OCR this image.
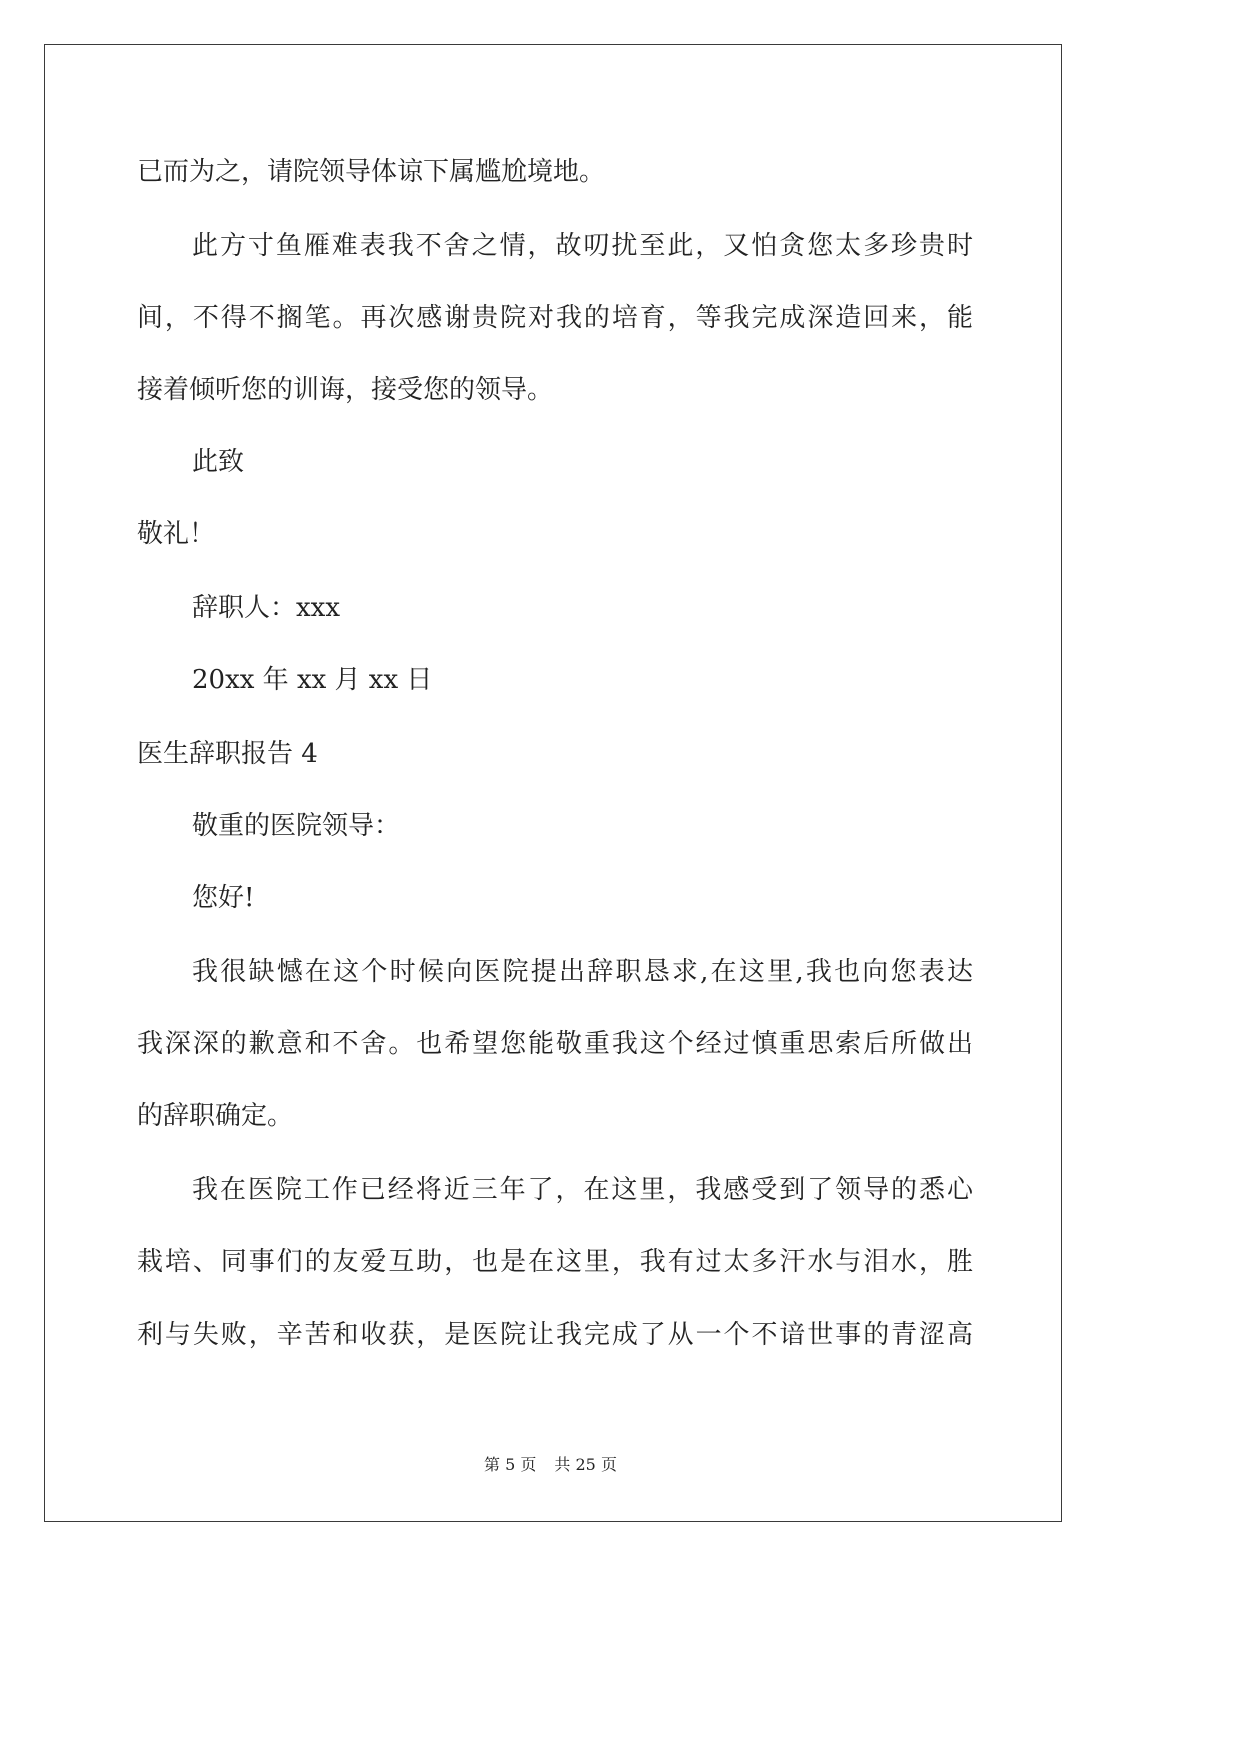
已而为之，请院领导体谅下属尴尬境地。

此方寸鱼雁难表我不舍之情，故叨扰至此，又怕贪您太多珍贵时

间，不得不搁笔。再次感谢贵院对我的培育，等我完成深造回来，能

接着倾听您的训诲，接受您的领导。

此致

敬礼！

辞职人：xxx

20xx 年 xx 月 xx 日

医生辞职报告 4

敬重的医院领导：

您好!

我很缺憾在这个时候向医院提出辞职恳求,在这里,我也向您表达

我深深的歉意和不舍。也希望您能敬重我这个经过慎重思索后所做出

的辞职确定。

我在医院工作已经将近三年了，在这里，我感受到了领导的悉心

栽培、同事们的友爱互助，也是在这里，我有过太多汗水与泪水，胜

利与失败，辛苦和收获，是医院让我完成了从一个不谙世事的青涩高

第 5 页 共 25 页
